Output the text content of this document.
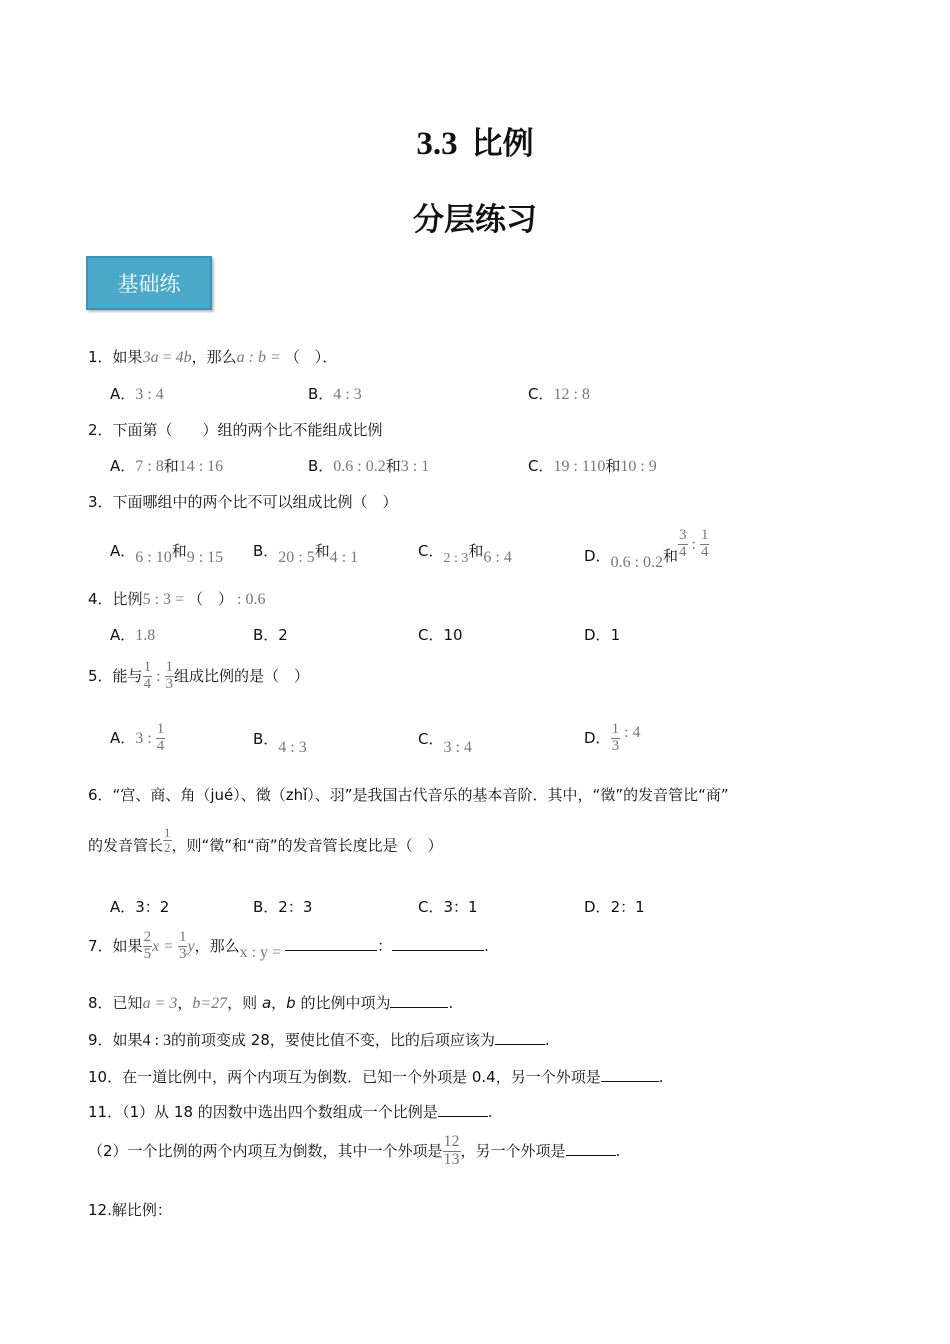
3.3 比例
分层练习
基础练
1．如果3a = 4b，那么a : b = （　）．
A．3 : 4	B．4 : 3	C．12 : 8
2．下面第（　　）组的两个比不能组成比例
A．7 : 8和14 : 16	B．0.6 : 0.2和3 : 1	C．19 : 110和10 : 9
3．下面哪组中的两个比不可以组成比例（　）
A．6 : 10和9 : 15 B．20 : 5和4 : 1	C．2 : 3和6 : 4	D．0.6 : 0.2和 $\frac{3}{4}$ : $\frac{1}{4}$
4．比例5 : 3 = （　） : 0.6
A．1.8	B．2	C．10	D．1
5．能与 $\frac{1}{4}$ : $\frac{1}{3}$ 组成比例的是（　）
A．3 : $\frac{1}{4}$	B．4 : 3	C．3 : 4
D． $\frac{1}{3}$ : 4
6．“宫、商、角（jué）、徵（zhǐ）、羽”是我国古代音乐的基本音阶．其中，“徵”的发音管比“商”
的发音管长 $\frac{1}{2}$ ，则“徵”和“商”的发音管长度比是（　）
A．3：2	B．2：3	C．3：1	D．2：1
7．如果 $\frac{2}{5}$ $x = \frac{1}{3}$ y，那么x : y =	：	.
8．已知a = 3，b=27，则 a，b 的比例中项为	.
9．如果4 : 3的前项变成 28，要使比值不变，比的后项应该为	.
10．在一道比例中，两个内项互为倒数．已知一个外项是 0.4，另一个外项是	.
11．（1）从 18 的因数中选出四个数组成一个比例是	.
（2）一个比例的两个内项互为倒数，其中一个外项是 $\frac{12}{13}$ ，另一个外项是	.
12.解比例：
